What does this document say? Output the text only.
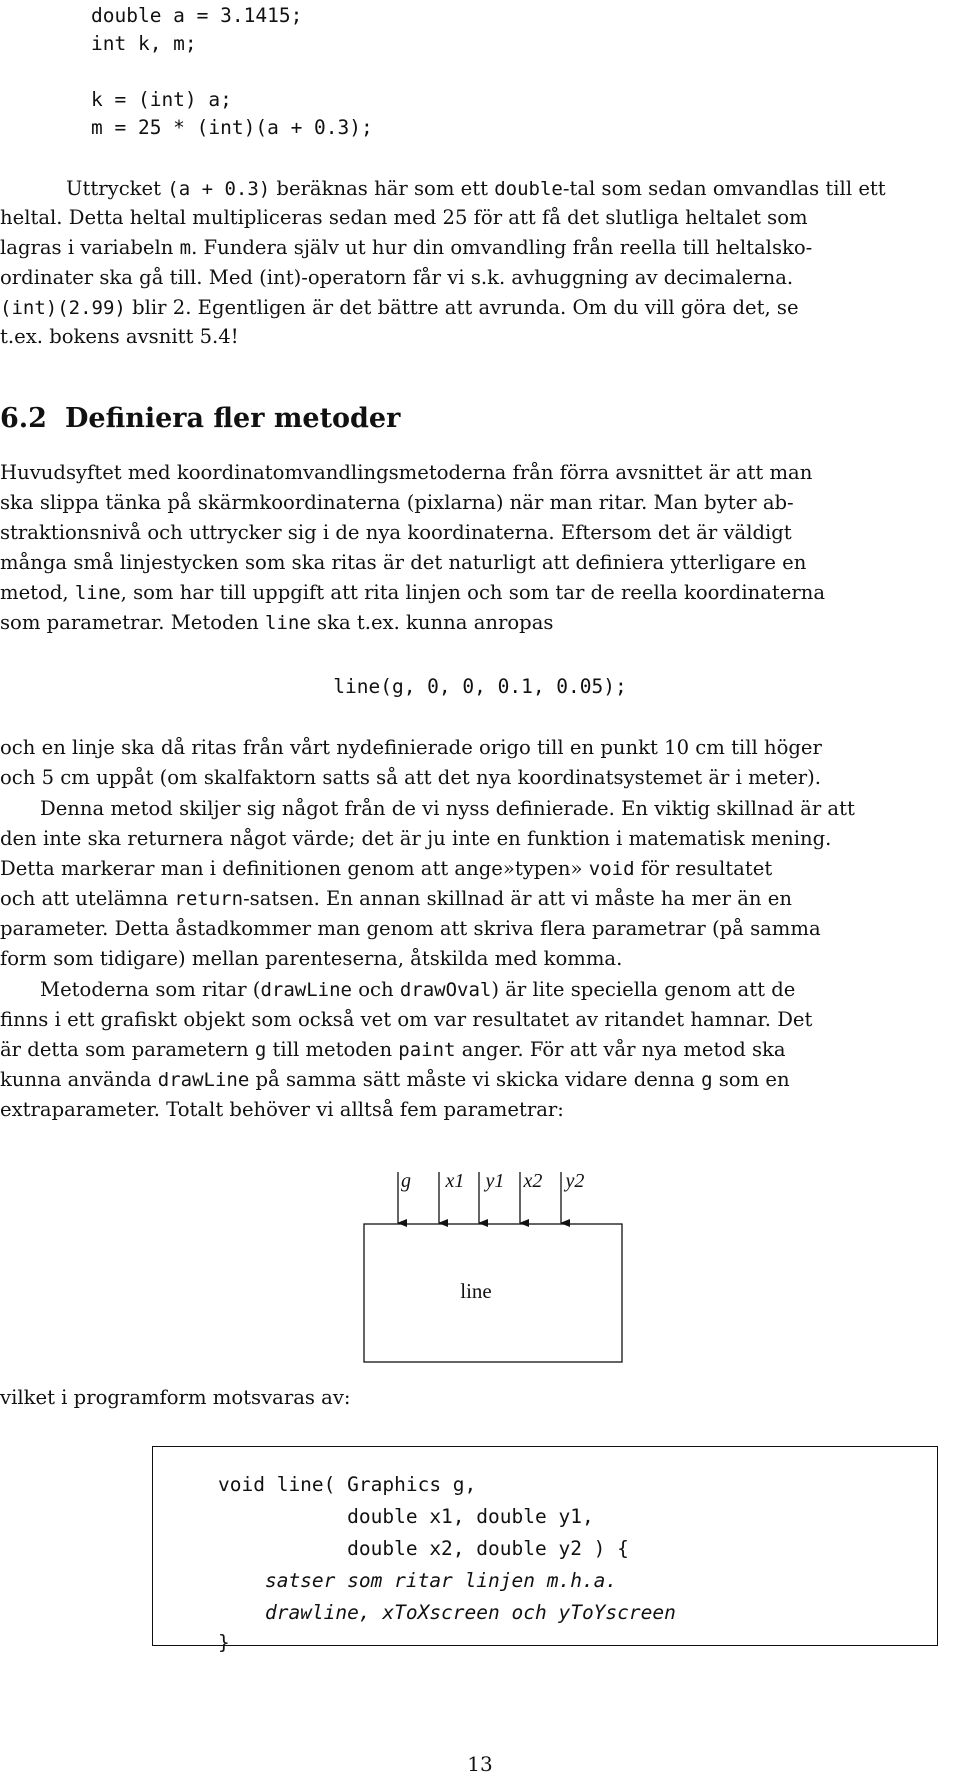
double a = 3.1415;
int k, m;
k = (int) a;
m = 25 * (int)(a + 0.3);
Uttrycket (a + 0.3) beräknas här som ett double-tal som sedan omvandlas till ett
heltal. Detta heltal multipliceras sedan med 25 för att få det slutliga heltalet som
lagras i variabeln m. Fundera själv ut hur din omvandling från reella till heltalsko-
ordinater ska gå till. Med (int)-operatorn får vi s.k. avhuggning av decimalerna.
(int)(2.99) blir 2. Egentligen är det bättre att avrunda. Om du vill göra det, se
t.ex. bokens avsnitt 5.4!
6.2 Definiera fler metoder
Huvudsyftet med koordinatomvandlingsmetoderna från förra avsnittet är att man
ska slippa tänka på skärmkoordinaterna (pixlarna) när man ritar. Man byter ab-
straktionsnivå och uttrycker sig i de nya koordinaterna. Eftersom det är väldigt
många små linjestycken som ska ritas är det naturligt att definiera ytterligare en
metod, line, som har till uppgift att rita linjen och som tar de reella koordinaterna
som parametrar. Metoden line ska t.ex. kunna anropas
line(g, 0, 0, 0.1, 0.05);
och en linje ska då ritas från vårt nydefinierade origo till en punkt 10 cm till höger
och 5 cm uppåt (om skalfaktorn satts så att det nya koordinatsystemet är i meter).
Denna metod skiljer sig något från de vi nyss definierade. En viktig skillnad är att
den inte ska returnera något värde; det är ju inte en funktion i matematisk mening.
Detta markerar man i definitionen genom att ange»typen» void för resultatet
och att utelämna return-satsen. En annan skillnad är att vi måste ha mer än en
parameter. Detta åstadkommer man genom att skriva flera parametrar (på samma
form som tidigare) mellan parenteserna, åtskilda med komma.
Metoderna som ritar (drawLine och drawOval) är lite speciella genom att de
finns i ett grafiskt objekt som också vet om var resultatet av ritandet hamnar. Det
är detta som parametern g till metoden paint anger. För att vår nya metod ska
kunna använda drawLine på samma sätt måste vi skicka vidare denna g som en
extraparameter. Totalt behöver vi alltså fem parametrar:
g x1 y1 x2 y2
line
vilket i programform motsvaras av:
void line( Graphics g,
double x1, double y1,
double x2, double y2 ) {
satser som ritar linjen m.h.a.
drawline, xToXscreen och yToYscreen
}
13
